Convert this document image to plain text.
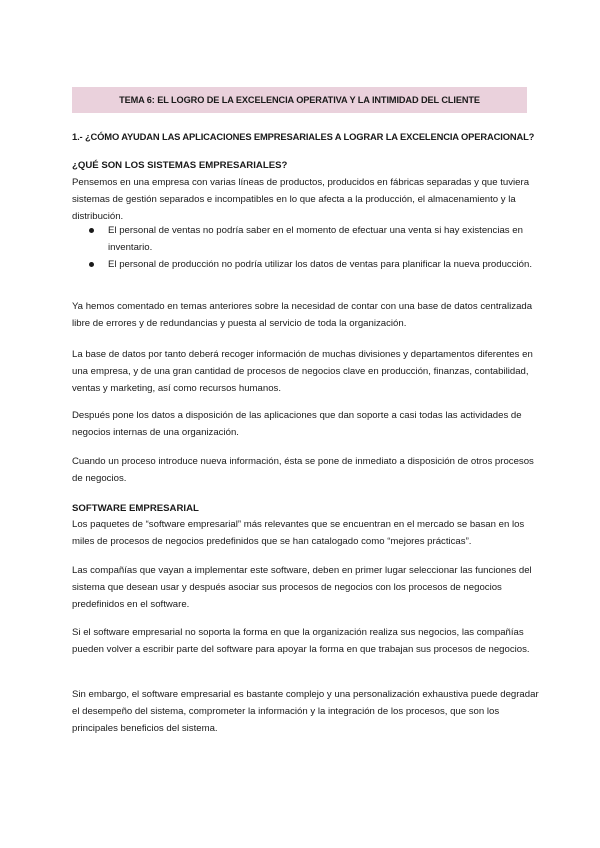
TEMA 6: EL LOGRO DE LA EXCELENCIA OPERATIVA Y LA INTIMIDAD DEL CLIENTE
1.- ¿CÓMO AYUDAN LAS APLICACIONES EMPRESARIALES A LOGRAR LA EXCELENCIA OPERACIONAL?
¿QUÉ SON LOS SISTEMAS EMPRESARIALES?
Pensemos en una empresa con varias líneas de productos, producidos en fábricas separadas y que tuviera sistemas de gestión separados e incompatibles en lo que afecta a la producción, el almacenamiento y la distribución.
El personal de ventas no podría saber en el momento de efectuar una venta si hay existencias en inventario.
El personal de producción no podría utilizar los datos de ventas para planificar la nueva producción.
Ya hemos comentado en temas anteriores sobre la necesidad de contar con una base de datos centralizada libre de errores y de redundancias y puesta al servicio de toda la organización.
La base de datos por tanto deberá recoger información de muchas divisiones y departamentos diferentes en una empresa, y de una gran cantidad de procesos de negocios clave en producción, finanzas, contabilidad, ventas y marketing, así como recursos humanos.
Después pone los datos a disposición de las aplicaciones que dan soporte a casi todas las actividades de negocios internas de una organización.
Cuando un proceso introduce nueva información, ésta se pone de inmediato a disposición de otros procesos de negocios.
SOFTWARE EMPRESARIAL
Los paquetes de “software empresarial” más relevantes que se encuentran en el mercado se basan en los miles de procesos de negocios predefinidos que se han catalogado como “mejores prácticas”.
Las compañías que vayan a implementar este software, deben en primer lugar seleccionar las funciones del sistema que desean usar y después asociar sus procesos de negocios con los procesos de negocios predefinidos en el software.
Si el software empresarial no soporta la forma en que la organización realiza sus negocios, las compañías pueden volver a escribir parte del software para apoyar la forma en que trabajan sus procesos de negocios.
Sin embargo, el software empresarial es bastante complejo y una personalización exhaustiva puede degradar el desempeño del sistema, comprometer la información y la integración de los procesos, que son los principales beneficios del sistema.
